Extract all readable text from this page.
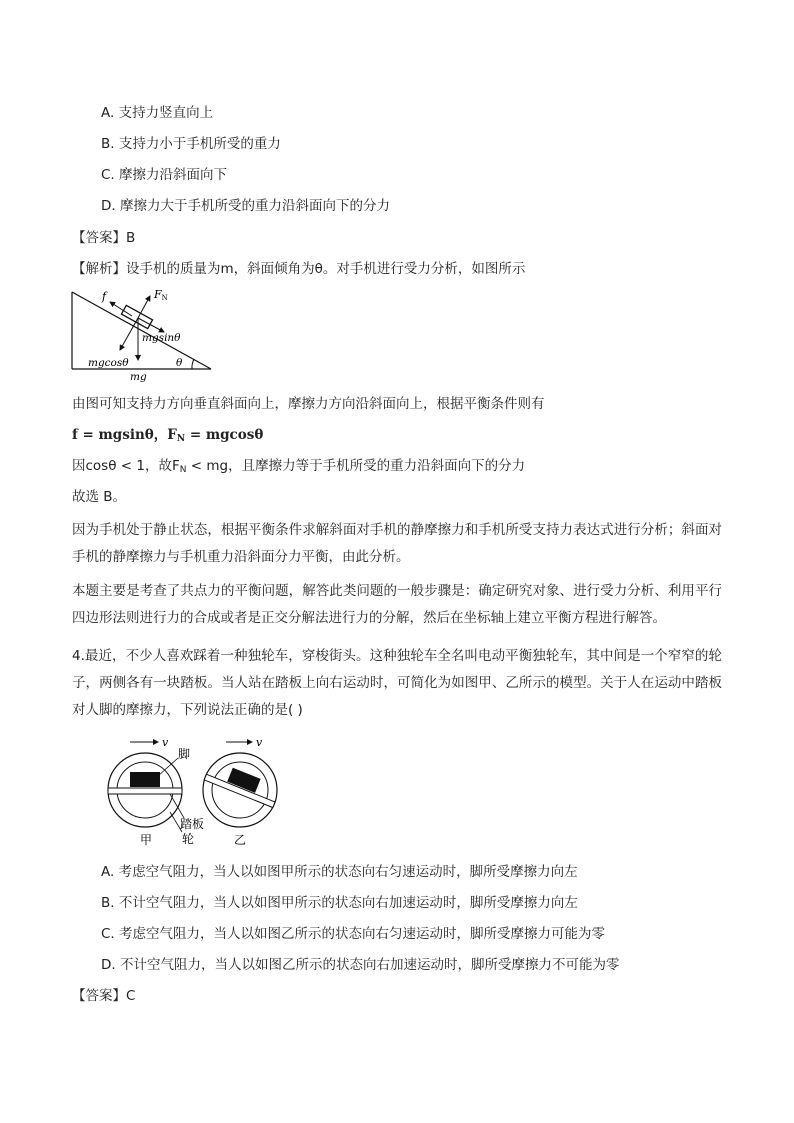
A. 支持力竖直向上
B. 支持力小于手机所受的重力
C. 摩擦力沿斜面向下
D. 摩擦力大于手机所受的重力沿斜面向下的分力
【答案】B
【解析】设手机的质量为m，斜面倾角为θ。对手机进行受力分析，如图所示
f	FN
mgsinθ
mgcosθ	θ
mg
由图可知支持力方向垂直斜面向上，摩擦力方向沿斜面向上，根据平衡条件则有
f = mgsinθ，FN = mgcosθ
因cosθ < 1，故FN < mg，且摩擦力等于手机所受的重力沿斜面向下的分力
故选 B。
因为手机处于静止状态，根据平衡条件求解斜面对手机的静摩擦力和手机所受支持力表达式进行分析；斜面对手机的静摩擦力与手机重力沿斜面分力平衡，由此分析。
本题主要是考查了共点力的平衡问题，解答此类问题的一般步骤是：确定研究对象、进行受力分析、利用平行四边形法则进行力的合成或者是正交分解法进行力的分解，然后在坐标轴上建立平衡方程进行解答。
4.最近，不少人喜欢踩着一种独轮车，穿梭街头。这种独轮车全名叫电动平衡独轮车，其中间是一个窄窄的轮子，两侧各有一块踏板。当人站在踏板上向右运动时，可简化为如图甲、乙所示的模型。关于人在运动中踏板对人脚的摩擦力，下列说法正确的是( )
v	v
脚
踏板
轮
甲	乙
A. 考虑空气阻力，当人以如图甲所示的状态向右匀速运动时，脚所受摩擦力向左
B. 不计空气阻力，当人以如图甲所示的状态向右加速运动时，脚所受摩擦力向左
C. 考虑空气阻力，当人以如图乙所示的状态向右匀速运动时，脚所受摩擦力可能为零
D. 不计空气阻力，当人以如图乙所示的状态向右加速运动时，脚所受摩擦力不可能为零
【答案】C
